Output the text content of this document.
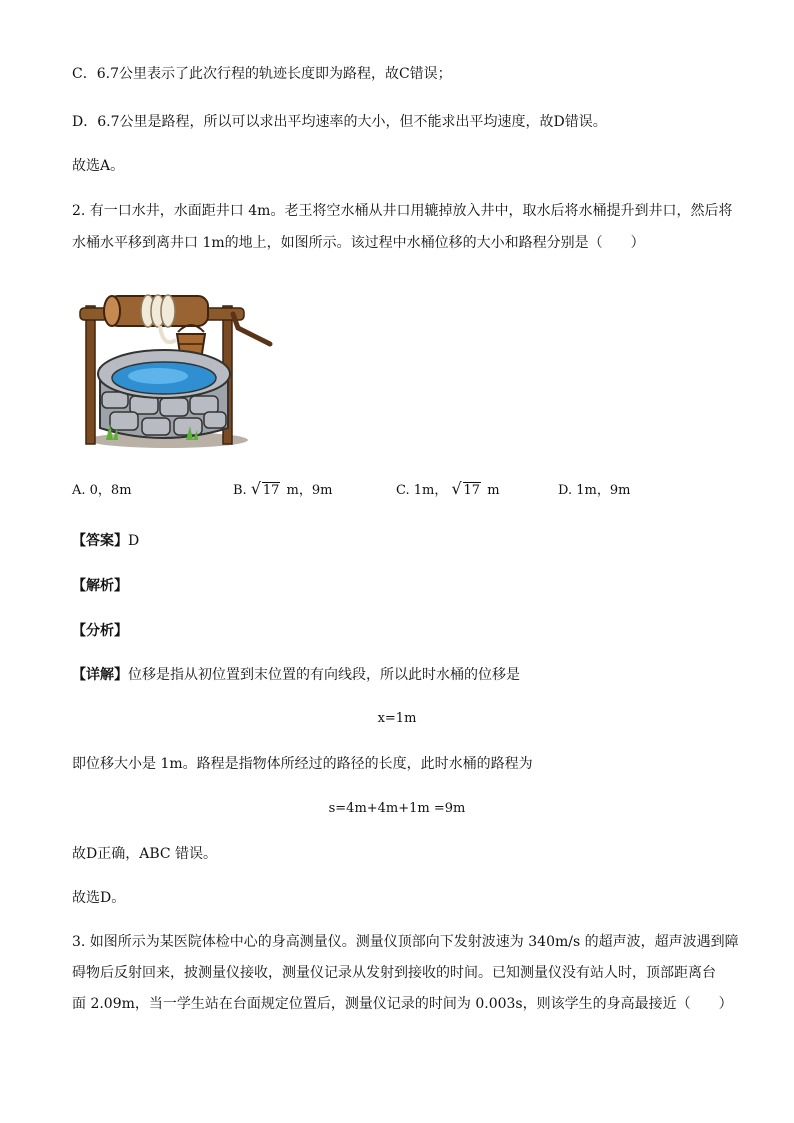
C．6.7公里表示了此次行程的轨迹长度即为路程，故C错误；
D．6.7公里是路程，所以可以求出平均速率的大小，但不能求出平均速度，故D错误。
故选A。
2. 有一口水井，水面距井口 4m。老王将空水桶从井口用辘掉放入井中，取水后将水桶提升到井口，然后将
水桶水平移到离井口 1m的地上，如图所示。该过程中水桶位移的大小和路程分别是（　　）
A. 0，8m	B. √ 17 m，9m	C. 1m， √ 17 m	D. 1m，9m
【答案】D
【解析】
【分析】
【详解】位移是指从初位置到末位置的有向线段，所以此时水桶的位移是
x=1m
即位移大小是 1m。路程是指物体所经过的路径的长度，此时水桶的路程为
s=4m+4m+1m =9m
故D正确，ABC 错误。
故选D。
3. 如图所示为某医院体检中心的身高测量仪。测量仪顶部向下发射波速为 340m/s 的超声波，超声波遇到障
碍物后反射回来，披测量仪接收，测量仪记录从发射到接收的时间。已知测量仪没有站人时，顶部距离台
面 2.09m，当一学生站在台面规定位置后，测量仪记录的时间为 0.003s，则该学生的身高最接近（　　）
